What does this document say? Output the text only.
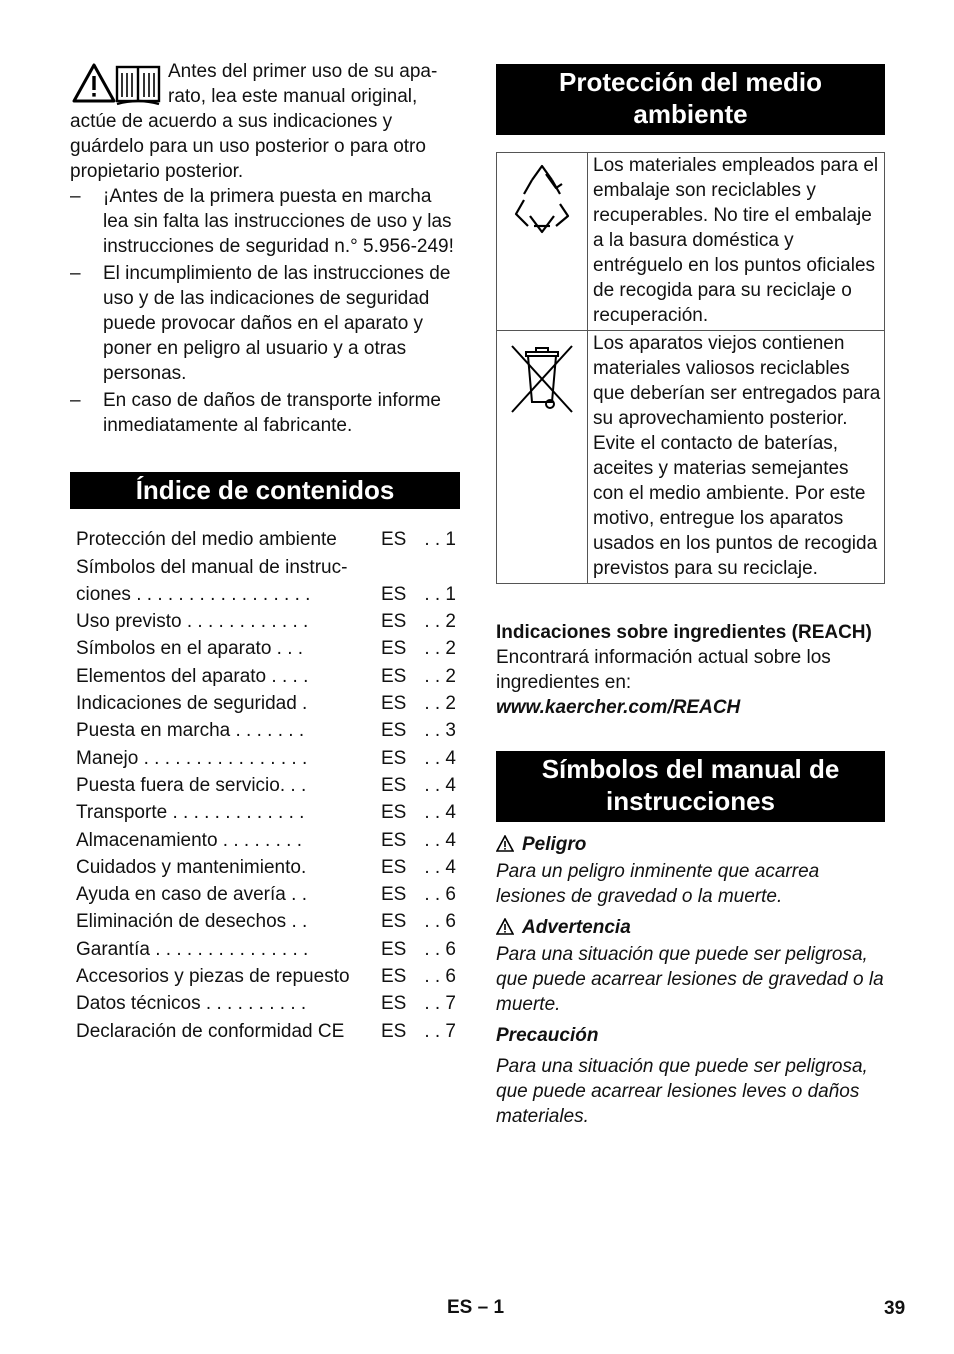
Antes del primer uso de su apa-
rato, lea este manual original,
actúe de acuerdo a sus indicaciones y
guárdelo para un uso posterior o para otro
propietario posterior.

– ¡Antes de la primera puesta en marcha lea sin falta las instrucciones de uso y las instrucciones de seguridad n.° 5.956-249!
– El incumplimiento de las instrucciones de uso y de las indicaciones de seguridad puede provocar daños en el aparato y poner en peligro al usuario y a otras personas.
– En caso de daños de transporte informe inmediatamente al fabricante.
Índice de contenidos
Protección del medio ambiente	ES	. . 1
Símbolos del manual de instruc-		
ciones . . . . . . . . . . . . . . . . .	ES	. . 1
Uso previsto . . . . . . . . . . . .	ES	. . 2
Símbolos en el aparato . . .	ES	. . 2
Elementos del aparato . . . .	ES	. . 2
Indicaciones de seguridad .	ES	. . 2
Puesta en marcha . . . . . . .	ES	. . 3
Manejo . . . . . . . . . . . . . . . .	ES	. . 4
Puesta fuera de servicio. . .	ES	. . 4
Transporte . . . . . . . . . . . . .	ES	. . 4
Almacenamiento . . . . . . . .	ES	. . 4
Cuidados y mantenimiento.	ES	. . 4
Ayuda en caso de avería . .	ES	. . 6
Eliminación de desechos . .	ES	. . 6
Garantía . . . . . . . . . . . . . . .	ES	. . 6
Accesorios y piezas de repuesto	ES	. . 6
Datos técnicos . . . . . . . . . .	ES	. . 7
Declaración de conformidad CE	ES	. . 7
Protección del medio
ambiente
	Los materiales empleados para el embalaje son reciclables y recuperables. No tire el embalaje a la basura doméstica y entréguelo en los puntos oficiales de recogida para su reciclaje o recuperación.
	Los aparatos viejos contienen materiales valiosos reciclables que deberían ser entregados para su aprovechamiento posterior. Evite el contacto de baterías, aceites y materias semejantes con el medio ambiente. Por este motivo, entregue los aparatos usados en los puntos de recogida previstos para su reciclaje.

Indicaciones sobre ingredientes (REACH)

Encontrará información actual sobre los ingredientes en:

www.kaercher.com/REACH

Símbolos del manual de
instrucciones

Peligro

Para un peligro inminente que acarrea lesiones de gravedad o la muerte.

Advertencia

Para una situación que puede ser peligrosa, que puede acarrear lesiones de gravedad o la muerte.

Precaución

Para una situación que puede ser peligrosa, que puede acarrear lesiones leves o daños materiales.

ES – 1	39
